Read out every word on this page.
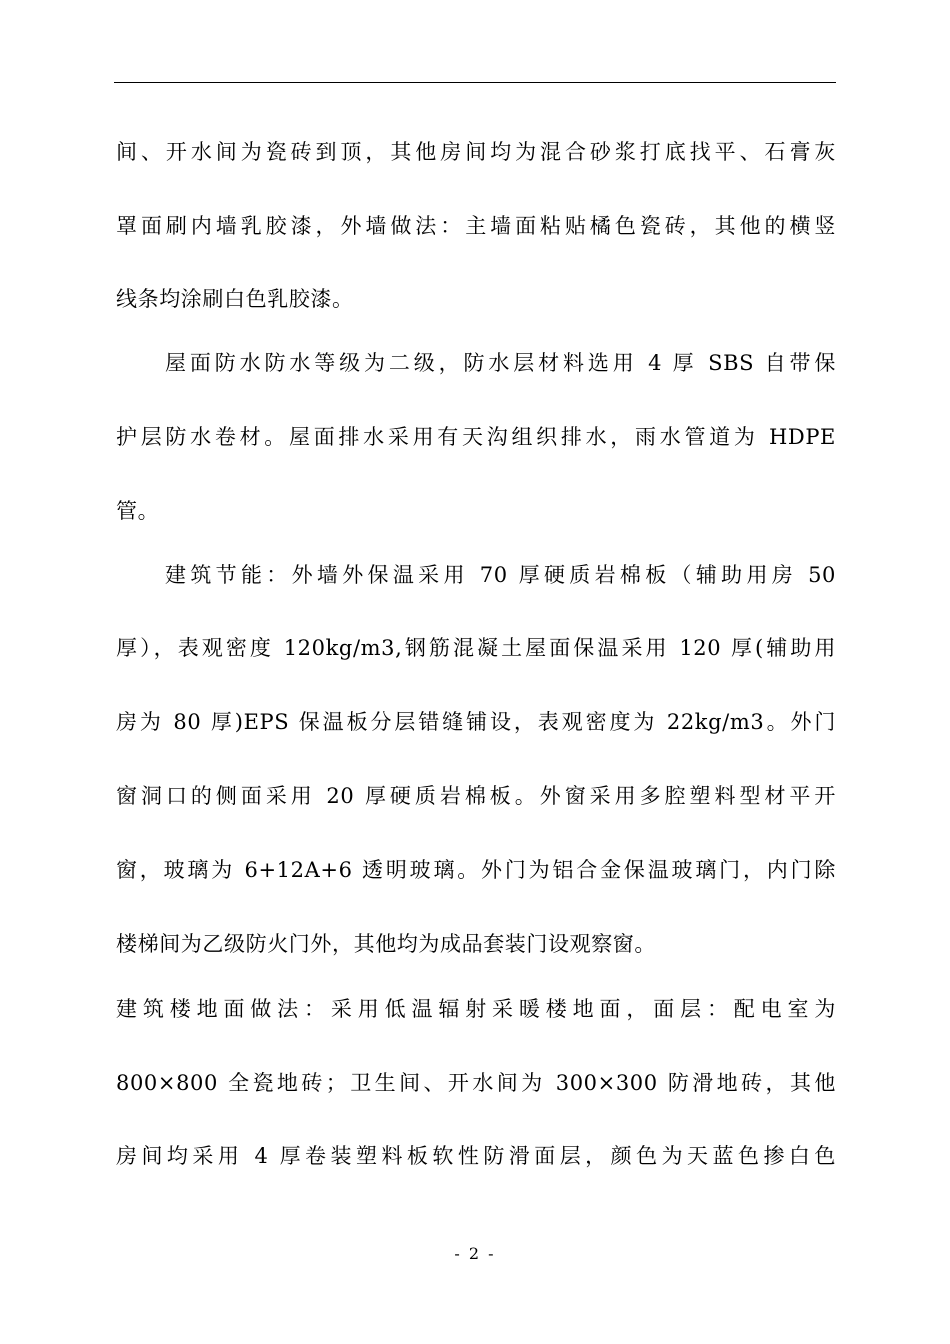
间、开水间为瓷砖到顶，其他房间均为混合砂浆打底找平、石膏灰
罩面刷内墙乳胶漆，外墙做法：主墙面粘贴橘色瓷砖，其他的横竖
线条均涂刷白色乳胶漆。
屋面防水防水等级为二级，防水层材料选用 4 厚 SBS 自带保
护层防水卷材。屋面排水采用有天沟组织排水，雨水管道为 HDPE
管。
建筑节能：外墙外保温采用 70 厚硬质岩棉板（辅助用房 50
厚），表观密度 120kg/m3,钢筋混凝土屋面保温采用 120 厚(辅助用
房为 80 厚)EPS 保温板分层错缝铺设，表观密度为 22kg/m3。外门
窗洞口的侧面采用 20 厚硬质岩棉板。外窗采用多腔塑料型材平开
窗，玻璃为 6+12A+6 透明玻璃。外门为铝合金保温玻璃门，内门除
楼梯间为乙级防火门外，其他均为成品套装门设观察窗。
建筑楼地面做法：采用低温辐射采暖楼地面，面层：配电室为
800×800 全瓷地砖；卫生间、开水间为 300×300 防滑地砖，其他
房间均采用 4 厚卷装塑料板软性防滑面层，颜色为天蓝色掺白色
- 2 -
